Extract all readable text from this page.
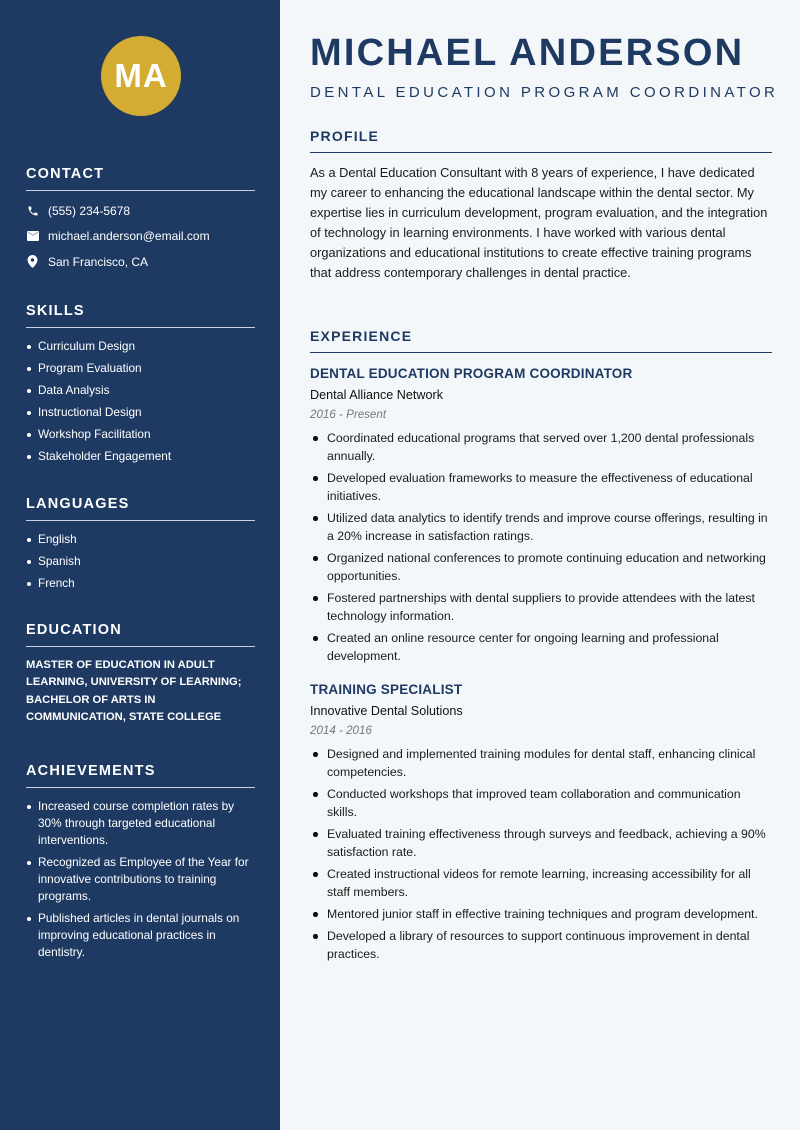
MA
CONTACT
(555) 234-5678
michael.anderson@email.com
San Francisco, CA
SKILLS
Curriculum Design
Program Evaluation
Data Analysis
Instructional Design
Workshop Facilitation
Stakeholder Engagement
LANGUAGES
English
Spanish
French
EDUCATION
MASTER OF EDUCATION IN ADULT LEARNING, UNIVERSITY OF LEARNING; BACHELOR OF ARTS IN COMMUNICATION, STATE COLLEGE
ACHIEVEMENTS
Increased course completion rates by 30% through targeted educational interventions.
Recognized as Employee of the Year for innovative contributions to training programs.
Published articles in dental journals on improving educational practices in dentistry.
MICHAEL ANDERSON
DENTAL EDUCATION PROGRAM COORDINATOR
PROFILE

As a Dental Education Consultant with 8 years of experience, I have dedicated my career to enhancing the educational landscape within the dental sector. My expertise lies in curriculum development, program evaluation, and the integration of technology in learning environments. I have worked with various dental organizations and educational institutions to create effective training programs that address contemporary challenges in dental practice.

EXPERIENCE
DENTAL EDUCATION PROGRAM COORDINATOR
Dental Alliance Network
2016 - Present
Coordinated educational programs that served over 1,200 dental professionals annually.
Developed evaluation frameworks to measure the effectiveness of educational initiatives.
Utilized data analytics to identify trends and improve course offerings, resulting in a 20% increase in satisfaction ratings.
Organized national conferences to promote continuing education and networking opportunities.
Fostered partnerships with dental suppliers to provide attendees with the latest technology information.
Created an online resource center for ongoing learning and professional development.
TRAINING SPECIALIST
Innovative Dental Solutions
2014 - 2016
Designed and implemented training modules for dental staff, enhancing clinical competencies.
Conducted workshops that improved team collaboration and communication skills.
Evaluated training effectiveness through surveys and feedback, achieving a 90% satisfaction rate.
Created instructional videos for remote learning, increasing accessibility for all staff members.
Mentored junior staff in effective training techniques and program development.
Developed a library of resources to support continuous improvement in dental practices.
